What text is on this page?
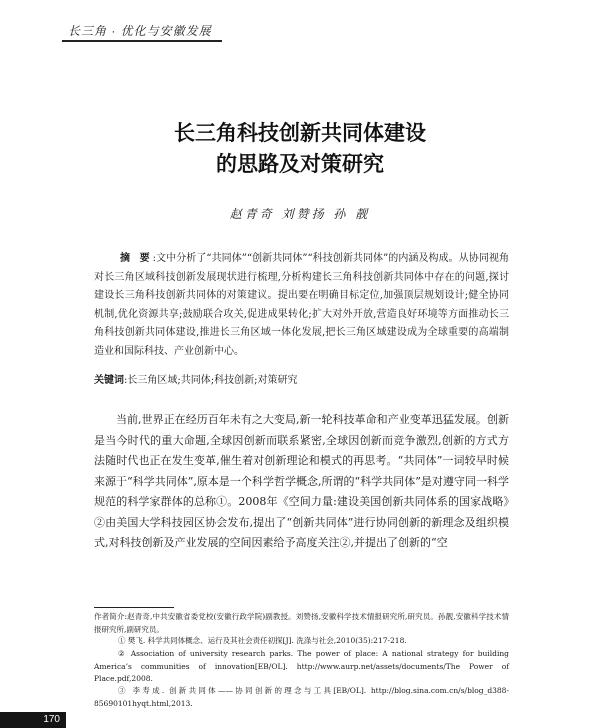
长三角 · 优化与安徽发展
长三角科技创新共同体建设
的思路及对策研究
赵青奇 刘赞扬 孙 靓

摘 要:文中分析了“共同体”“创新共同体”“科技创新共同体”的内涵及构成。从协同视角对长三角区域科技创新发展现状进行梳理,分析构建长三角科技创新共同体中存在的问题,探讨建设长三角科技创新共同体的对策建议。提出要在明确目标定位,加强顶层规划设计;健全协同机制,优化资源共享;鼓励联合攻关,促进成果转化;扩大对外开放,营造良好环境等方面推动长三角科技创新共同体建设,推进长三角区域一体化发展,把长三角区域建设成为全球重要的高端制造业和国际科技、产业创新中心。

关键词:长三角区域;共同体;科技创新;对策研究

当前,世界正在经历百年未有之大变局,新一轮科技革命和产业变革迅猛发展。创新是当今时代的重大命题,全球因创新而联系紧密,全球因创新而竞争激烈,创新的方式方法随时代也正在发生变革,催生着对创新理论和模式的再思考。“共同体”一词较早时候来源于“科学共同体”,原本是一个科学哲学概念,所谓的“科学共同体”是对遵守同一科学规范的科学家群体的总称①。2008年《空间力量:建设美国创新共同体系的国家战略》②由美国大学科技园区协会发布,提出了“创新共同体”进行协同创新的新理念及组织模式,对科技创新及产业发展的空间因素给予高度关注②,并提出了创新的“空

作者简介:赵青奇,中共安徽省委党校(安徽行政学院)副教授。刘赞扬,安徽科学技术情报研究所,研究员。孙靓,安徽科学技术情报研究所,副研究员。

① 樊飞. 科学共同体概念、运行及其社会责任初探[J]. 洗涤与社会,2010(35):217-218.

② Association of university research parks. The power of place: A national strategy for building America’s communities of innovation[EB/OL]. http://www.aurp.net/assets/documents/The Power of Place.pdf,2008.

③ 李寿成. 创新共同体——协同创新的理念与工具[EB/OL]. http://blog.sina.com.cn/s/blog_d388-85690101hyqt.html,2013.

170
